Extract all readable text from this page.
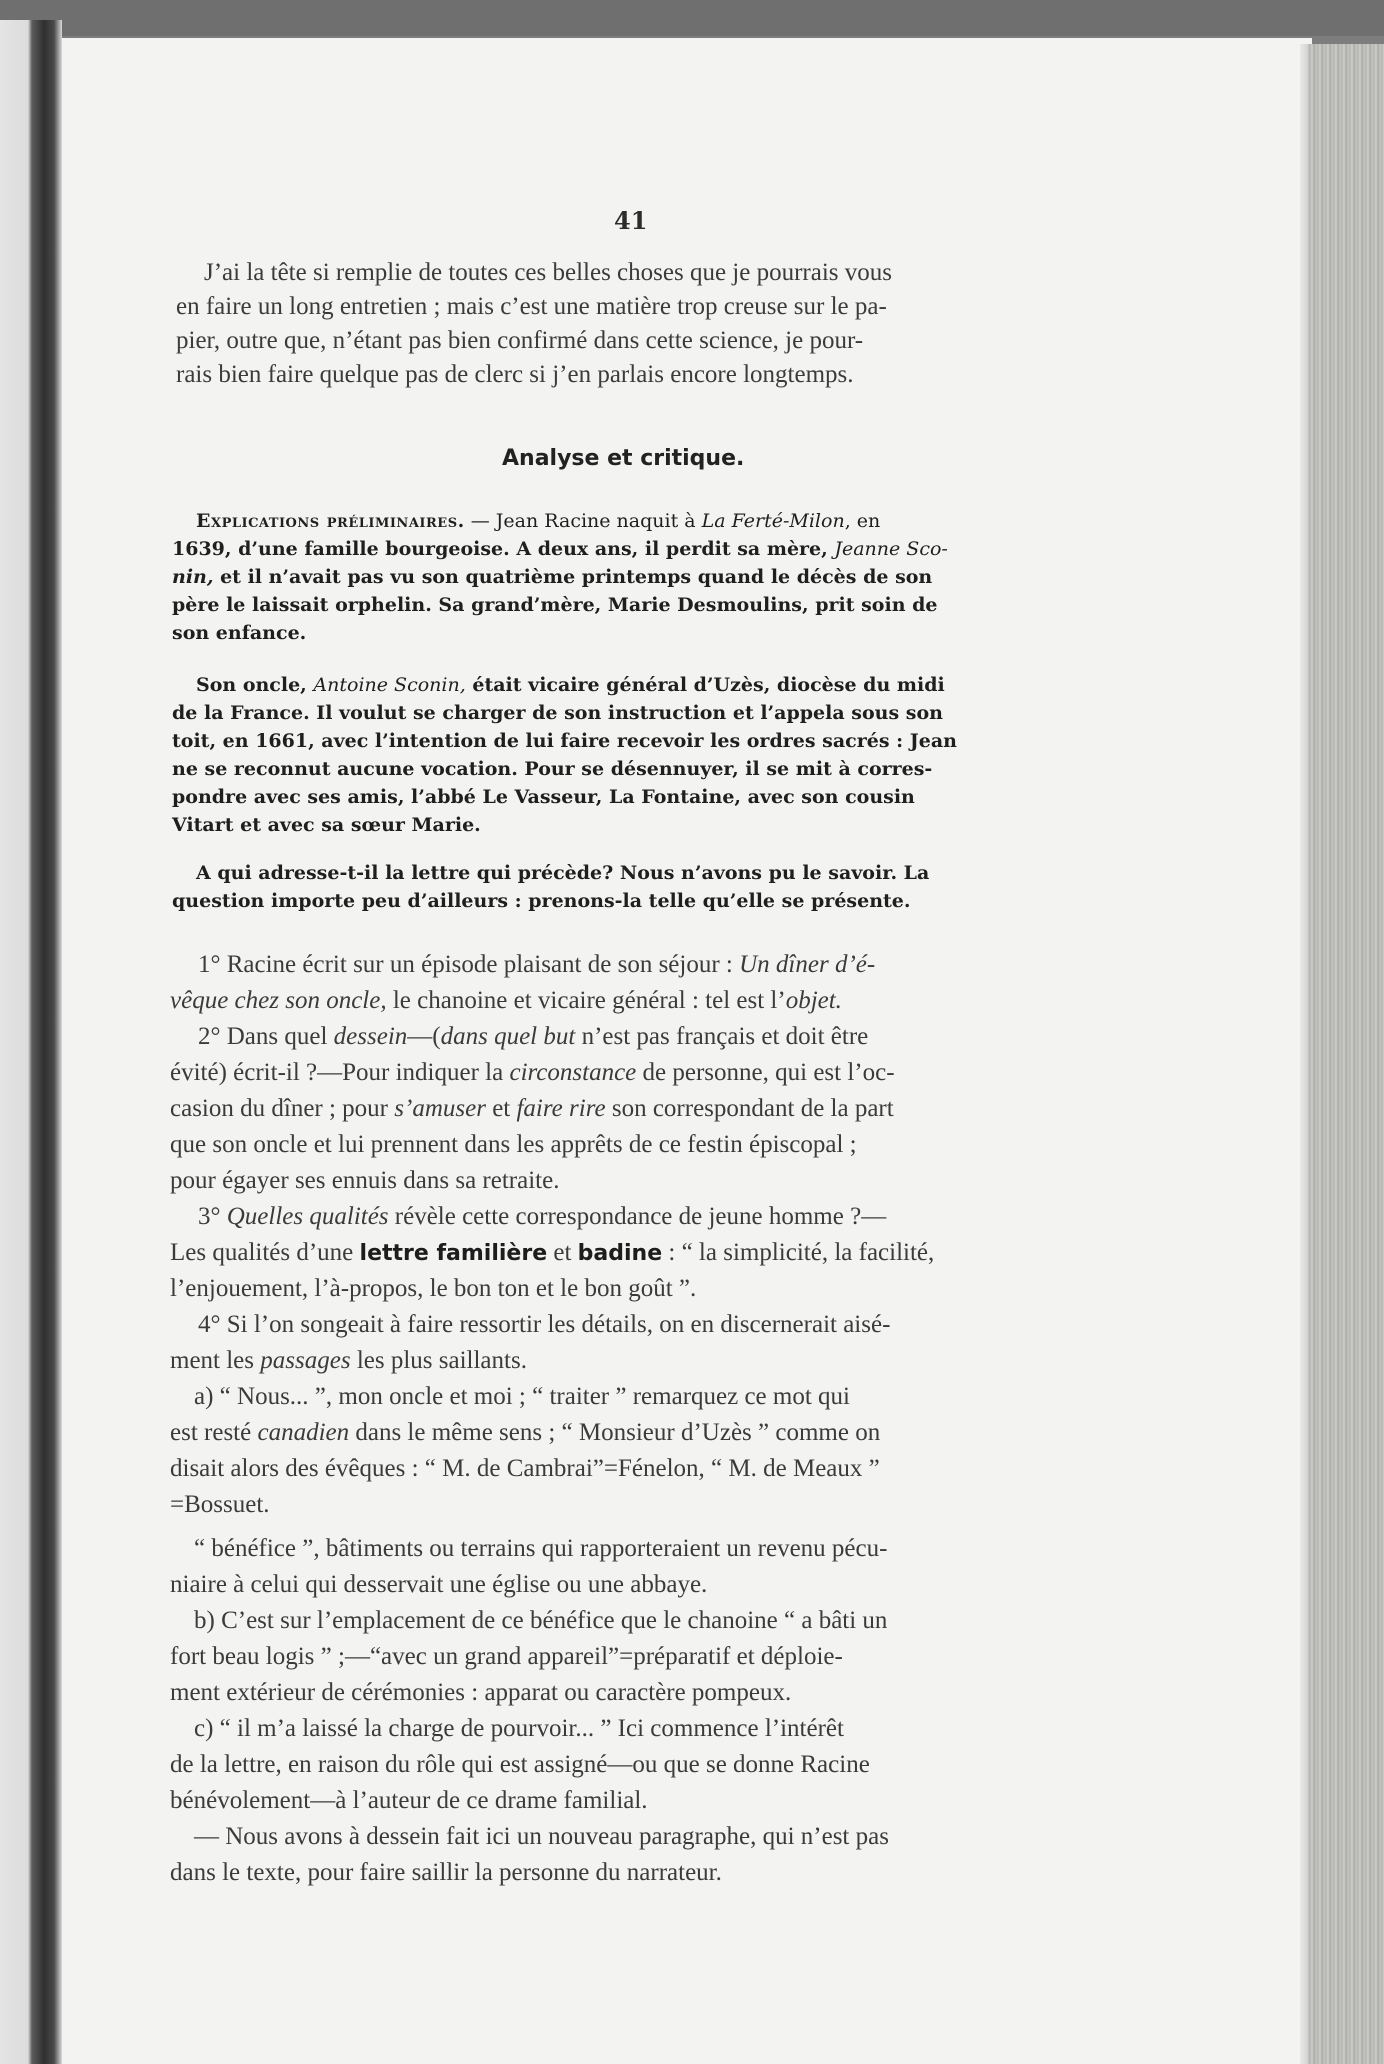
41

J’ai la tête si remplie de toutes ces belles choses que je pourrais vous

en faire un long entretien ; mais c’est une matière trop creuse sur le pa-

pier, outre que, n’étant pas bien confirmé dans cette science, je pour-

rais bien faire quelque pas de clerc si j’en parlais encore longtemps.

Analyse et critique.

Explications préliminaires. — Jean Racine naquit à La Ferté-Milon, en

1639, d’une famille bourgeoise. A deux ans, il perdit sa mère, Jeanne Sco-

nin, et il n’avait pas vu son quatrième printemps quand le décès de son

père le laissait orphelin. Sa grand’mère, Marie Desmoulins, prit soin de

son enfance.

Son oncle, Antoine Sconin, était vicaire général d’Uzès, diocèse du midi

de la France. Il voulut se charger de son instruction et l’appela sous son

toit, en 1661, avec l’intention de lui faire recevoir les ordres sacrés : Jean

ne se reconnut aucune vocation. Pour se désennuyer, il se mit à corres-

pondre avec ses amis, l’abbé Le Vasseur, La Fontaine, avec son cousin

Vitart et avec sa sœur Marie.

A qui adresse-t-il la lettre qui précède? Nous n’avons pu le savoir. La

question importe peu d’ailleurs : prenons-la telle qu’elle se présente.

1° Racine écrit sur un épisode plaisant de son séjour : Un dîner d’é-

vêque chez son oncle, le chanoine et vicaire général : tel est l’objet.

2° Dans quel dessein—(dans quel but n’est pas français et doit être

évité) écrit-il ?—Pour indiquer la circonstance de personne, qui est l’oc-

casion du dîner ; pour s’amuser et faire rire son correspondant de la part

que son oncle et lui prennent dans les apprêts de ce festin épiscopal ;

pour égayer ses ennuis dans sa retraite.

3° Quelles qualités révèle cette correspondance de jeune homme ?—

Les qualités d’une lettre familière et badine : “ la simplicité, la facilité,

l’enjouement, l’à-propos, le bon ton et le bon goût ”.

4° Si l’on songeait à faire ressortir les détails, on en discernerait aisé-

ment les passages les plus saillants.

a) “ Nous... ”, mon oncle et moi ; “ traiter ” remarquez ce mot qui

est resté canadien dans le même sens ; “ Monsieur d’Uzès ” comme on

disait alors des évêques : “ M. de Cambrai”=Fénelon, “ M. de Meaux ”

=Bossuet.

“ bénéfice ”, bâtiments ou terrains qui rapporteraient un revenu pécu-

niaire à celui qui desservait une église ou une abbaye.

b) C’est sur l’emplacement de ce bénéfice que le chanoine “ a bâti un

fort beau logis ” ;—“avec un grand appareil”=préparatif et déploie-

ment extérieur de cérémonies : apparat ou caractère pompeux.

c) “ il m’a laissé la charge de pourvoir... ” Ici commence l’intérêt

de la lettre, en raison du rôle qui est assigné—ou que se donne Racine

bénévolement—à l’auteur de ce drame familial.

— Nous avons à dessein fait ici un nouveau paragraphe, qui n’est pas

dans le texte, pour faire saillir la personne du narrateur.
